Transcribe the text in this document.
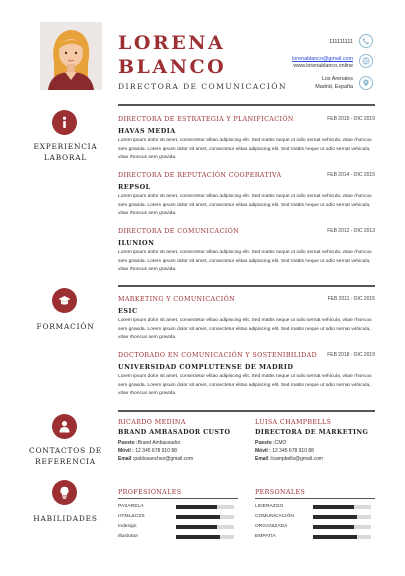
LORENA
BLANCO
DIRECTORA DE COMUNICACIÓN
111111111
lorenablanco@gmail.com
www.lorenablanco.online
Los Arenales
Madrid, España
EXPERIENCIA LABORAL
FORMACIÓN
CONTACTOS DE REFERENCIA
HABILIDADES
DIRECTORA DE ESTRATEGIA Y PLANIFICACIÓN	FEB 2015 - DIC 2019
HAVAS MEDIA
Lorem ipsum dolor sit amet, consectetur elitao adipiscing elit. Sed mattis neque ut odio sernat vehicula, vitae rhoncus sem gravida. Lorem ipsum dolor sit amet, consectetur elitao adipiscing elit. Sed mattis neque ut odio sernat vehicula, vitae rhoncus sem gravida.
DIRECTORA DE REPUTACIÓN COOPERATIVA	FEB 2014 - DIC 2015
REPSOL
Lorem ipsum dolor sit amet, consectetur elitao adipiscing elit. Sed mattis neque ut odio sernat vehicula, vitae rhoncus sem gravida. Lorem ipsum dolor sit amet, consectetur elitao adipiscing elit. Sed mattis neque ut odio sernat vehicula, vitae rhoncus sem gravida.
DIRECTORA DE COMUNICACIÓN	FEB 2012 - DIC 2013
ILUNION
Lorem ipsum dolor sit amet, consectetur elitao adipiscing elit. Sed mattis neque ut odio sernat vehicula, vitae rhoncus sem gravida. Lorem ipsum dolor sit amet, consectetur elitao adipiscing elit. Sed mattis neque ut odio sernat vehicula, vitae rhoncus sem gravida.
MARKETING Y COMUNICACIÓN	FEB 2011 - DIC 2015
ESIC
Lorem ipsum dolor sit amet, consectetur elitao adipiscing elit. Sed mattis neque ut odio sernat vehicula, vitae rhoncus sem gravida. Lorem ipsum dolor sit amet, consectetur elitao adipiscing elit. Sed mattis neque ut odio sernat vehicula, vitae rhoncus sem gravida.
DOCTORADO EN COMUNICACIÓN Y SOSTENIBILIDAD FEB 2018 - DIC 2019
UNIVERSIDAD COMPLUTENSE DE MADRID
Lorem ipsum dolor sit amet, consectetur elitao adipiscing elit. Sed mattis neque ut odio sernat vehicula, vitae rhoncus sem gravida. Lorem ipsum dolor sit amet, consectetur elitao adipiscing elit. Sed mattis neque ut odio sernat vehicula, vitae rhoncus sem gravida.
RICARDO MEDINA
BRAND AMBASADOR CUSTO
Puesto :Brand Ambassador
Móvil : 12 345 678 910 88
Email :pablosanchez@gmail.com
LUISA CHAMPBELLS
DIRECTORA DE MARKETING
Puesto :CMO
Móvil : 12 345 678 910 88
Email :lcampbells@gmail.com
PROFESIONALES	PERSONALES
PASARELA
HTML&CSS
Indesign
Illustrator
LIDERAZGO
COMUNICACIÓN
ORGANIZADA
EMPATÍA
